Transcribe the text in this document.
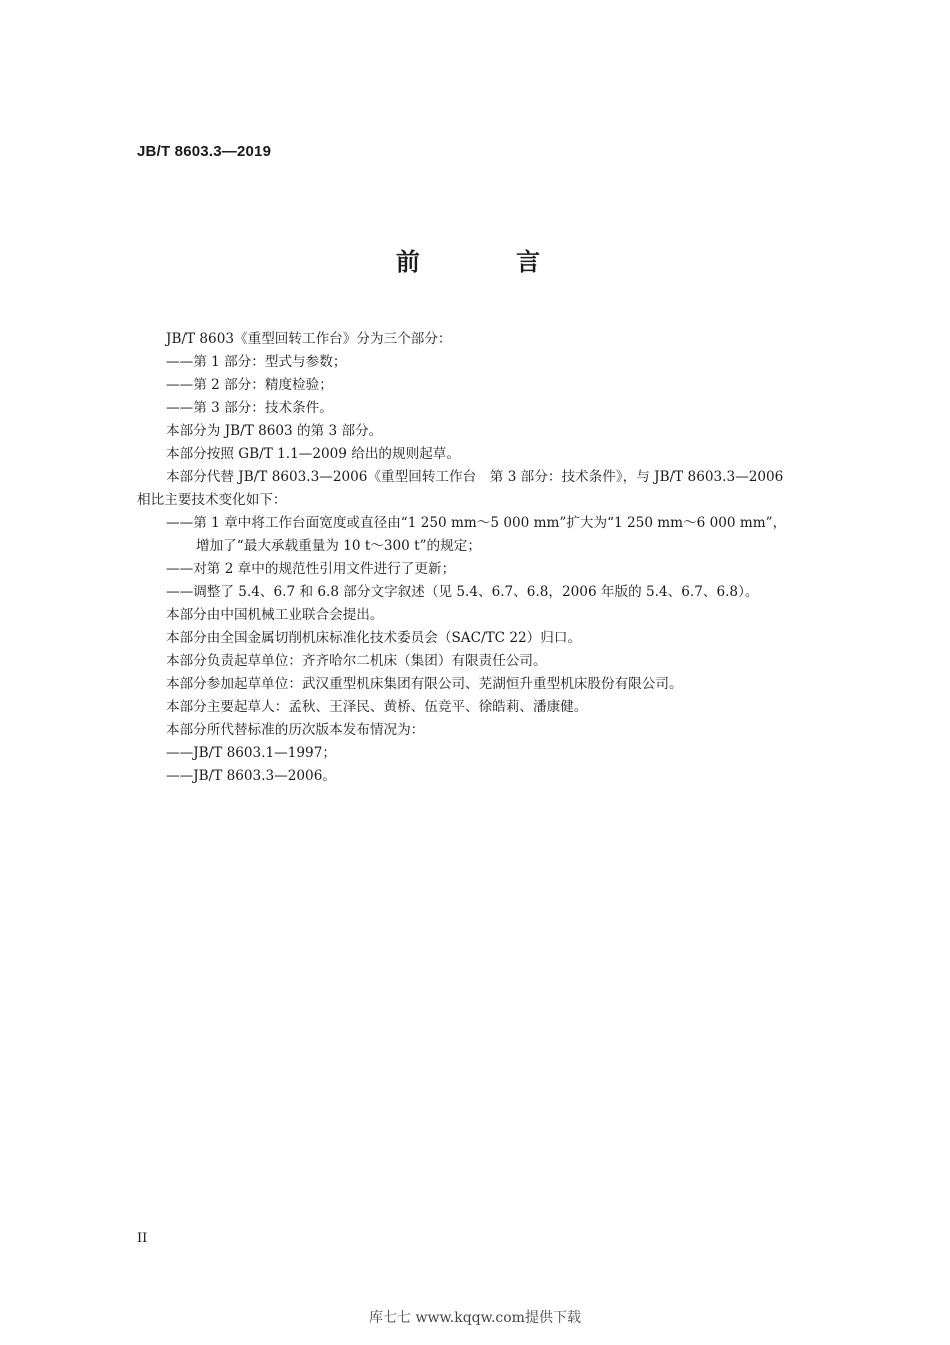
JB/T 8603.3—2019
前 言

JB/T 8603《重型回转工作台》分为三个部分：

——第 1 部分：型式与参数；

——第 2 部分：精度检验；

——第 3 部分：技术条件。

本部分为 JB/T 8603 的第 3 部分。

本部分按照 GB/T 1.1—2009 给出的规则起草。

本部分代替 JB/T 8603.3—2006《重型回转工作台　第 3 部分：技术条件》，与 JB/T 8603.3—2006

相比主要技术变化如下：

——第 1 章中将工作台面宽度或直径由“1 250 mm～5 000 mm”扩大为“1 250 mm～6 000 mm”，

增加了“最大承载重量为 10 t～300 t”的规定；

——对第 2 章中的规范性引用文件进行了更新；

——调整了 5.4、6.7 和 6.8 部分文字叙述（见 5.4、6.7、6.8，2006 年版的 5.4、6.7、6.8）。

本部分由中国机械工业联合会提出。

本部分由全国金属切削机床标准化技术委员会（SAC/TC 22）归口。

本部分负责起草单位：齐齐哈尔二机床（集团）有限责任公司。

本部分参加起草单位：武汉重型机床集团有限公司、芜湖恒升重型机床股份有限公司。

本部分主要起草人：孟秋、王泽民、黄桥、伍竞平、徐皓莉、潘康健。

本部分所代替标准的历次版本发布情况为：

——JB/T 8603.1—1997；

——JB/T 8603.3—2006。

II
库七七 www.kqqw.com提供下载
